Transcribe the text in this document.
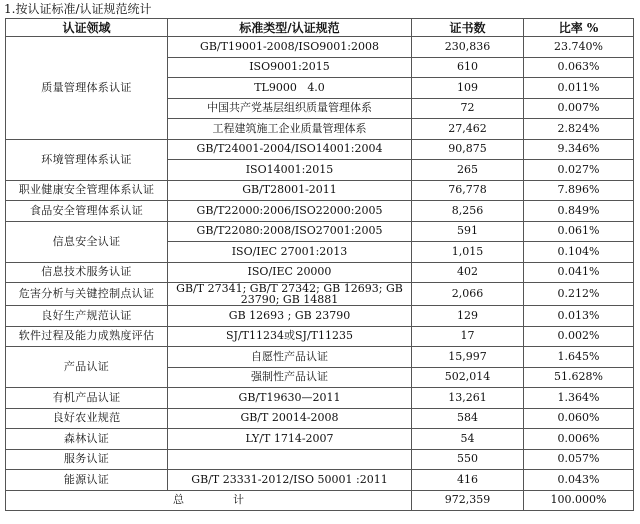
1.按认证标准/认证规范统计
认证领域	标准类型/认证规范	证书数	比率 %
质量管理体系认证	GB/T19001-2008/ISO9001:2008	230,836	23.740%
	ISO9001:2015	610	0.063%
	TL9000   4.0	109	0.011%
	中国共产党基层组织质量管理体系	72	0.007%
	工程建筑施工企业质量管理体系	27,462	2.824%
环境管理体系认证	GB/T24001-2004/ISO14001:2004	90,875	9.346%
	ISO14001:2015	265	0.027%
职业健康安全管理体系认证	GB/T28001-2011	76,778	7.896%
食品安全管理体系认证	GB/T22000:2006/ISO22000:2005	8,256	0.849%
信息安全认证	GB/T22080:2008/ISO27001:2005	591	0.061%
	ISO/IEC 27001:2013	1,015	0.104%
信息技术服务认证	ISO/IEC 20000	402	0.041%
危害分析与关键控制点认证	GB/T 27341; GB/T 27342; GB 12693; GB 23790; GB 14881	2,066	0.212%
良好生产规范认证	GB 12693 ; GB 23790	129	0.013%
软件过程及能力成熟度评估	SJ/T11234或SJ/T11235	17	0.002%
产品认证	自愿性产品认证	15,997	1.645%
	强制性产品认证	502,014	51.628%
有机产品认证	GB/T19630—2011	13,261	1.364%
良好农业规范	GB/T 20014-2008	584	0.060%
森林认证	LY/T 1714-2007	54	0.006%
服务认证		550	0.057%
能源认证	GB/T 23331-2012/ISO 50001 :2011	416	0.043%
总              计		972,359	100.000%
